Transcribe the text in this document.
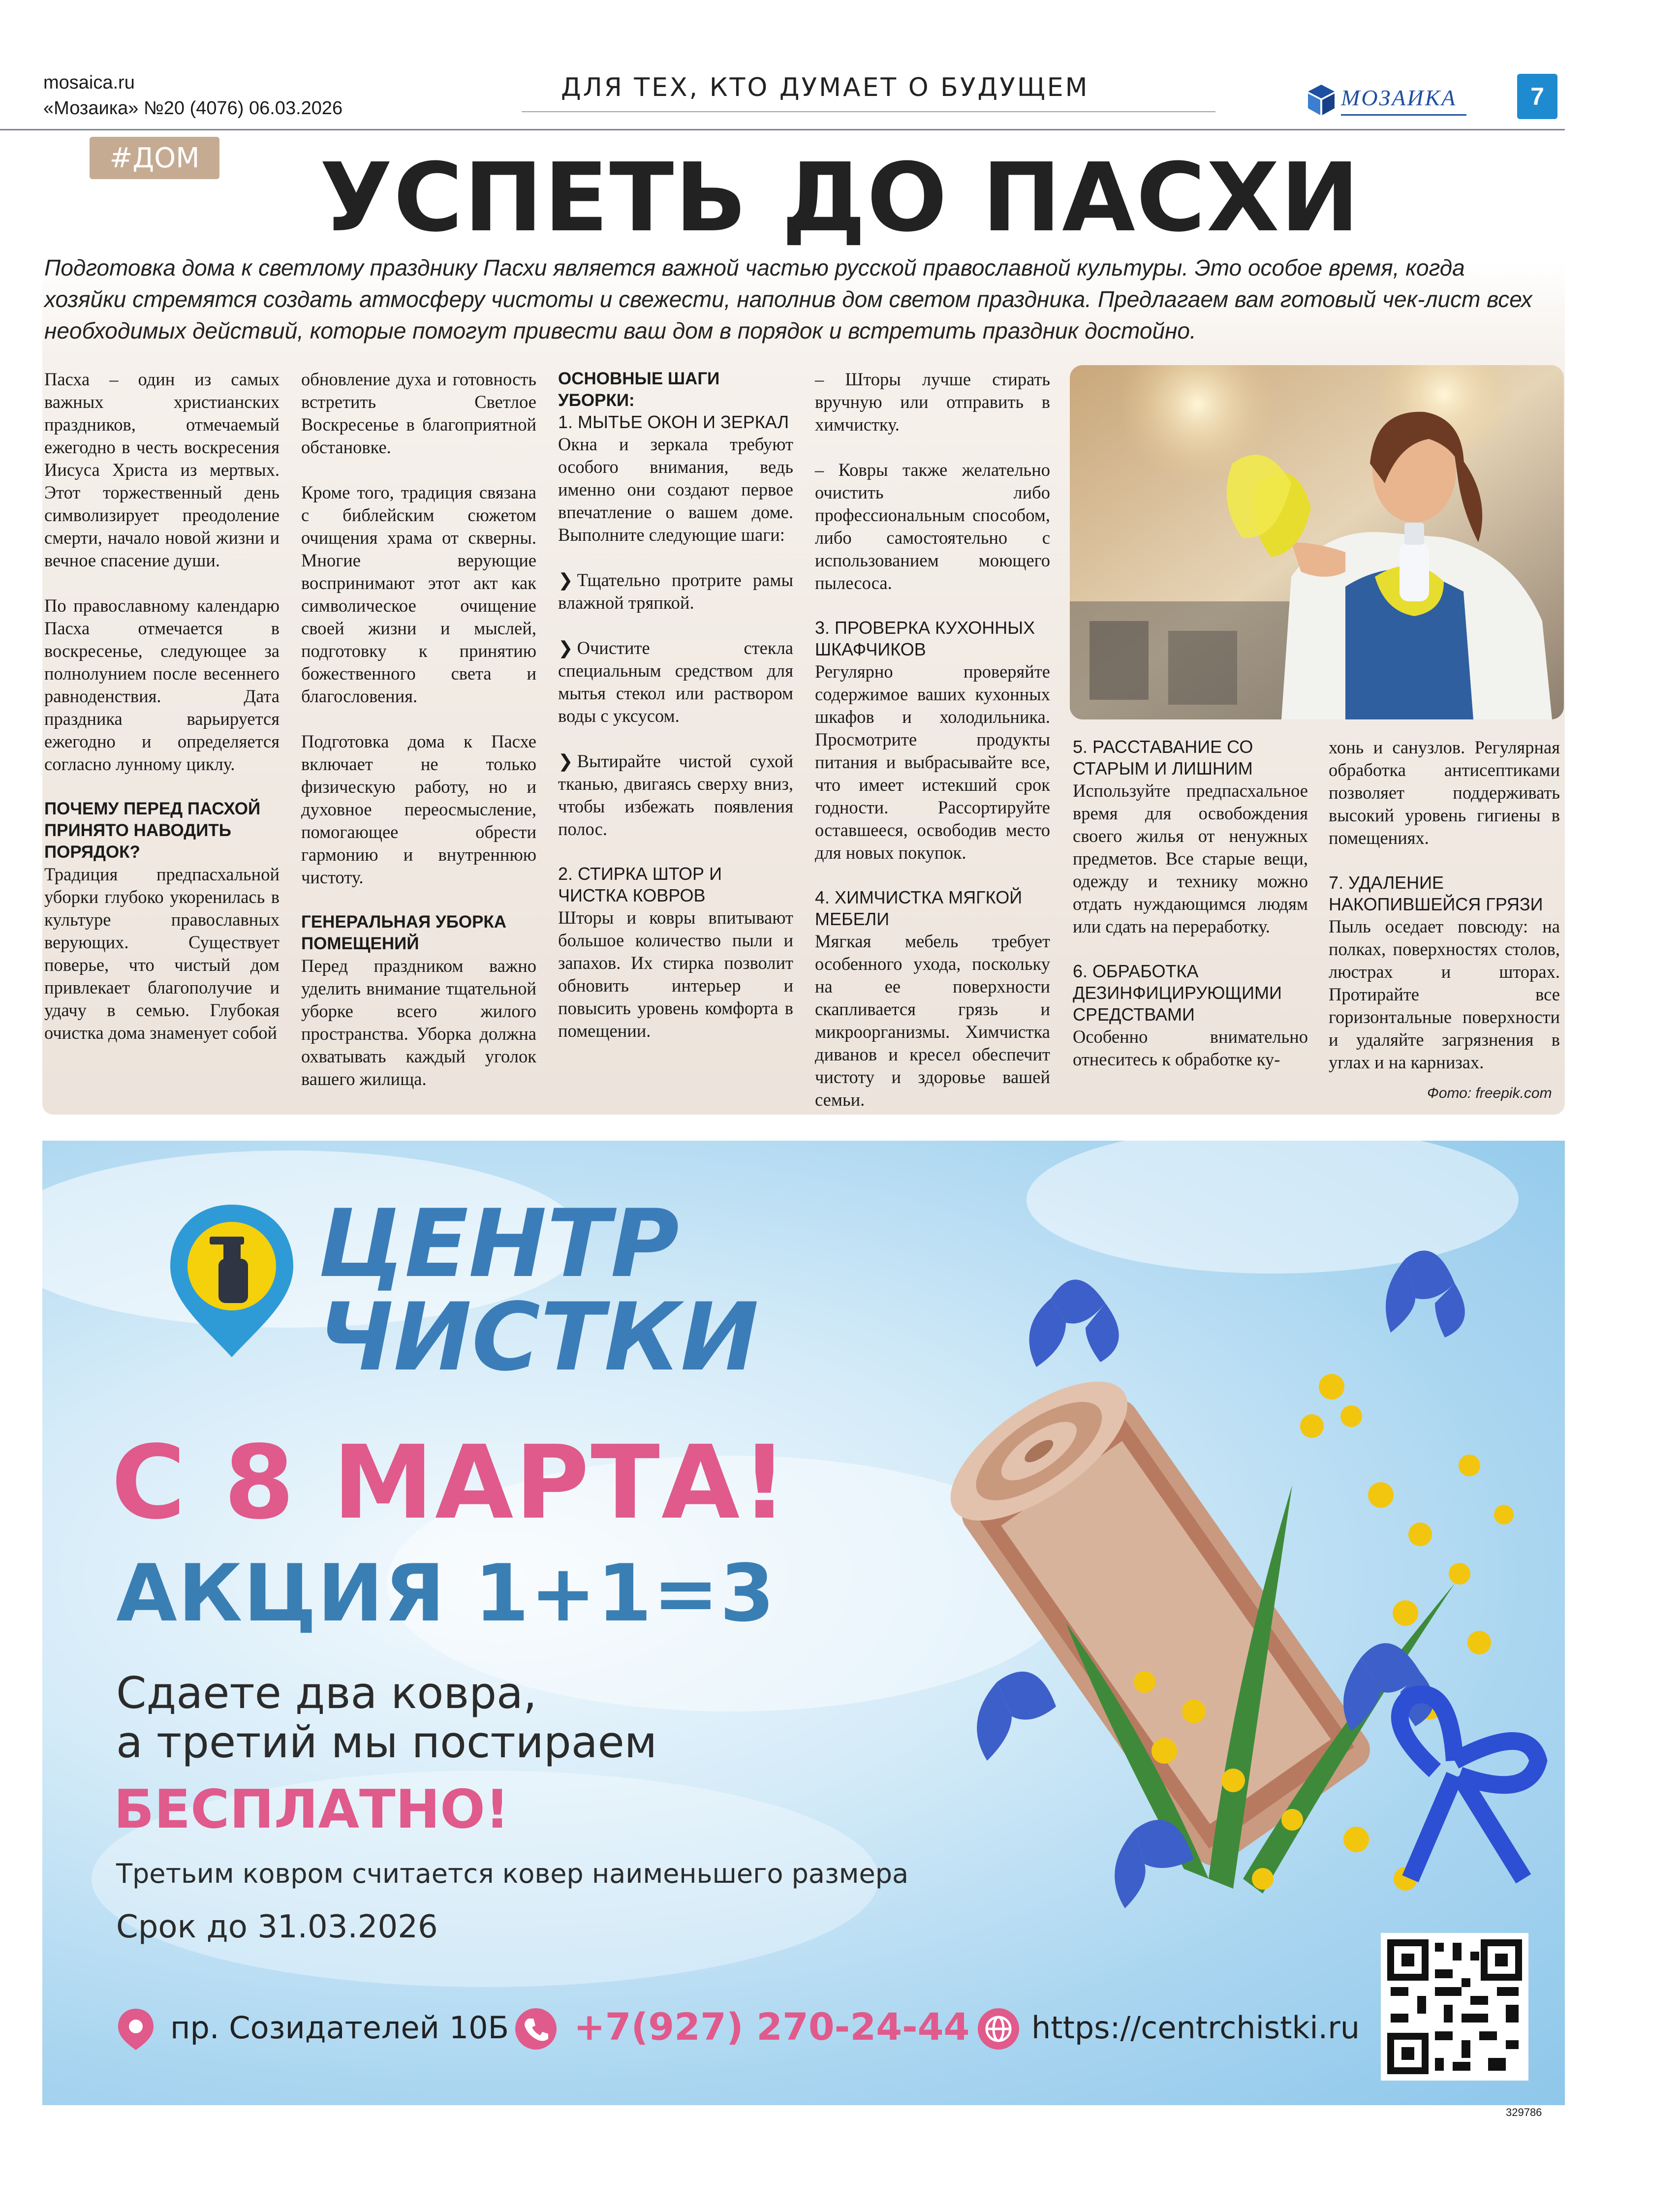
mosaica.ru
«Мозаика» №20 (4076) 06.03.2026
ДЛЯ ТЕХ, КТО ДУМАЕТ О БУДУЩЕМ	МОЗАИКА	7
#ДОМ	УСПЕТЬ ДО ПАСХИ
Подготовка дома к светлому празднику Пасхи является важной частью русской православной культуры. Это особое время, когда хозяйки стремятся создать атмосферу чистоты и свежести, наполнив дом светом праздника. Предлагаем вам готовый чек-лист всех необходимых действий, которые помогут привести ваш дом в порядок и встретить праздник достойно.

Пасха – один из самых важных христианских праздников, отмечаемый ежегодно в честь воскресения Иисуса Христа из мертвых. Этот торжественный день символизирует преодоление смерти, начало новой жизни и вечное спасение души.

По православному календарю Пасха отмечается в воскресенье, следующее за полнолунием после весеннего равноденствия. Дата праздника варьируется ежегодно и определяется согласно лунному циклу.

ПОЧЕМУ ПЕРЕД ПАСХОЙ ПРИНЯТО НАВОДИТЬ ПОРЯДОК?

Традиция предпасхальной уборки глубоко укоренилась в культуре православных верующих. Существует поверье, что чистый дом привлекает благополучие и удачу в семью. Глубокая очистка дома знаменует собой

обновление духа и готовность встретить Светлое Воскресенье в благоприятной обстановке.

Кроме того, традиция связана с библейским сюжетом очищения храма от скверны. Многие верующие воспринимают этот акт как символическое очищение своей жизни и мыслей, подготовку к принятию божественного света и благословения.

Подготовка дома к Пасхе включает не только физическую работу, но и духовное переосмысление, помогающее обрести гармонию и внутреннюю чистоту.

ГЕНЕРАЛЬНАЯ УБОРКА ПОМЕЩЕНИЙ

Перед праздником важно уделить внимание тщательной уборке всего жилого пространства. Уборка должна охватывать каждый уголок вашего жилища.

ОСНОВНЫЕ ШАГИ УБОРКИ:
1. МЫТЬЕ ОКОН И ЗЕРКАЛ

Окна и зеркала требуют особого внимания, ведь именно они создают первое впечатление о вашем доме. Выполните следующие шаги:

❯ Тщательно протрите рамы влажной тряпкой.

❯ Очистите стекла специальным средством для мытья стекол или раствором воды с уксусом.

❯ Вытирайте чистой сухой тканью, двигаясь сверху вниз, чтобы избежать появления полос.

2. СТИРКА ШТОР И ЧИСТКА КОВРОВ

Шторы и ковры впитывают большое количество пыли и запахов. Их стирка позволит обновить интерьер и повысить уровень комфорта в помещении.

– Шторы лучше стирать вручную или отправить в химчистку.

– Ковры также желательно очистить либо профессиональным способом, либо самостоятельно с использованием моющего пылесоса.

3. ПРОВЕРКА КУХОННЫХ ШКАФЧИКОВ

Регулярно проверяйте содержимое ваших кухонных шкафов и холодильника. Просмотрите продукты питания и выбрасывайте все, что имеет истекший срок годности. Рассортируйте оставшееся, освободив место для новых покупок.

4. ХИМЧИСТКА МЯГКОЙ МЕБЕЛИ

Мягкая мебель требует особенного ухода, поскольку на ее поверхности скапливается грязь и микроорганизмы. Химчистка диванов и кресел обеспечит чистоту и здоровье вашей семьи.

5. РАССТАВАНИЕ СО СТАРЫМ И ЛИШНИМ

Используйте предпасхальное время для освобождения своего жилья от ненужных предметов. Все старые вещи, одежду и технику можно отдать нуждающимся людям или сдать на переработку.

6. ОБРАБОТКА ДЕЗИНФИЦИРУЮЩИМИ СРЕДСТВАМИ

Особенно внимательно отнеситесь к обработке ку-

хонь и санузлов. Регулярная обработка антисептиками позволяет поддерживать высокий уровень гигиены в помещениях.

7. УДАЛЕНИЕ НАКОПИВШЕЙСЯ ГРЯЗИ

Пыль оседает повсюду: на полках, поверхностях столов, люстрах и шторах. Протирайте все горизонтальные поверхности и удаляйте загрязнения в углах и на карнизах.

Фото: freepik.com
ЦЕНТР
ЧИСТКИ
С 8 МАРТА!
АКЦИЯ 1+1=3
Сдаете два ковра,
а третий мы постираем
БЕСПЛАТНО!
Третьим ковром считается ковер наименьшего размера
Срок до 31.03.2026
пр. Созидателей 10Б +7(927) 270-24-44 https://centrchistki.ru
329786
